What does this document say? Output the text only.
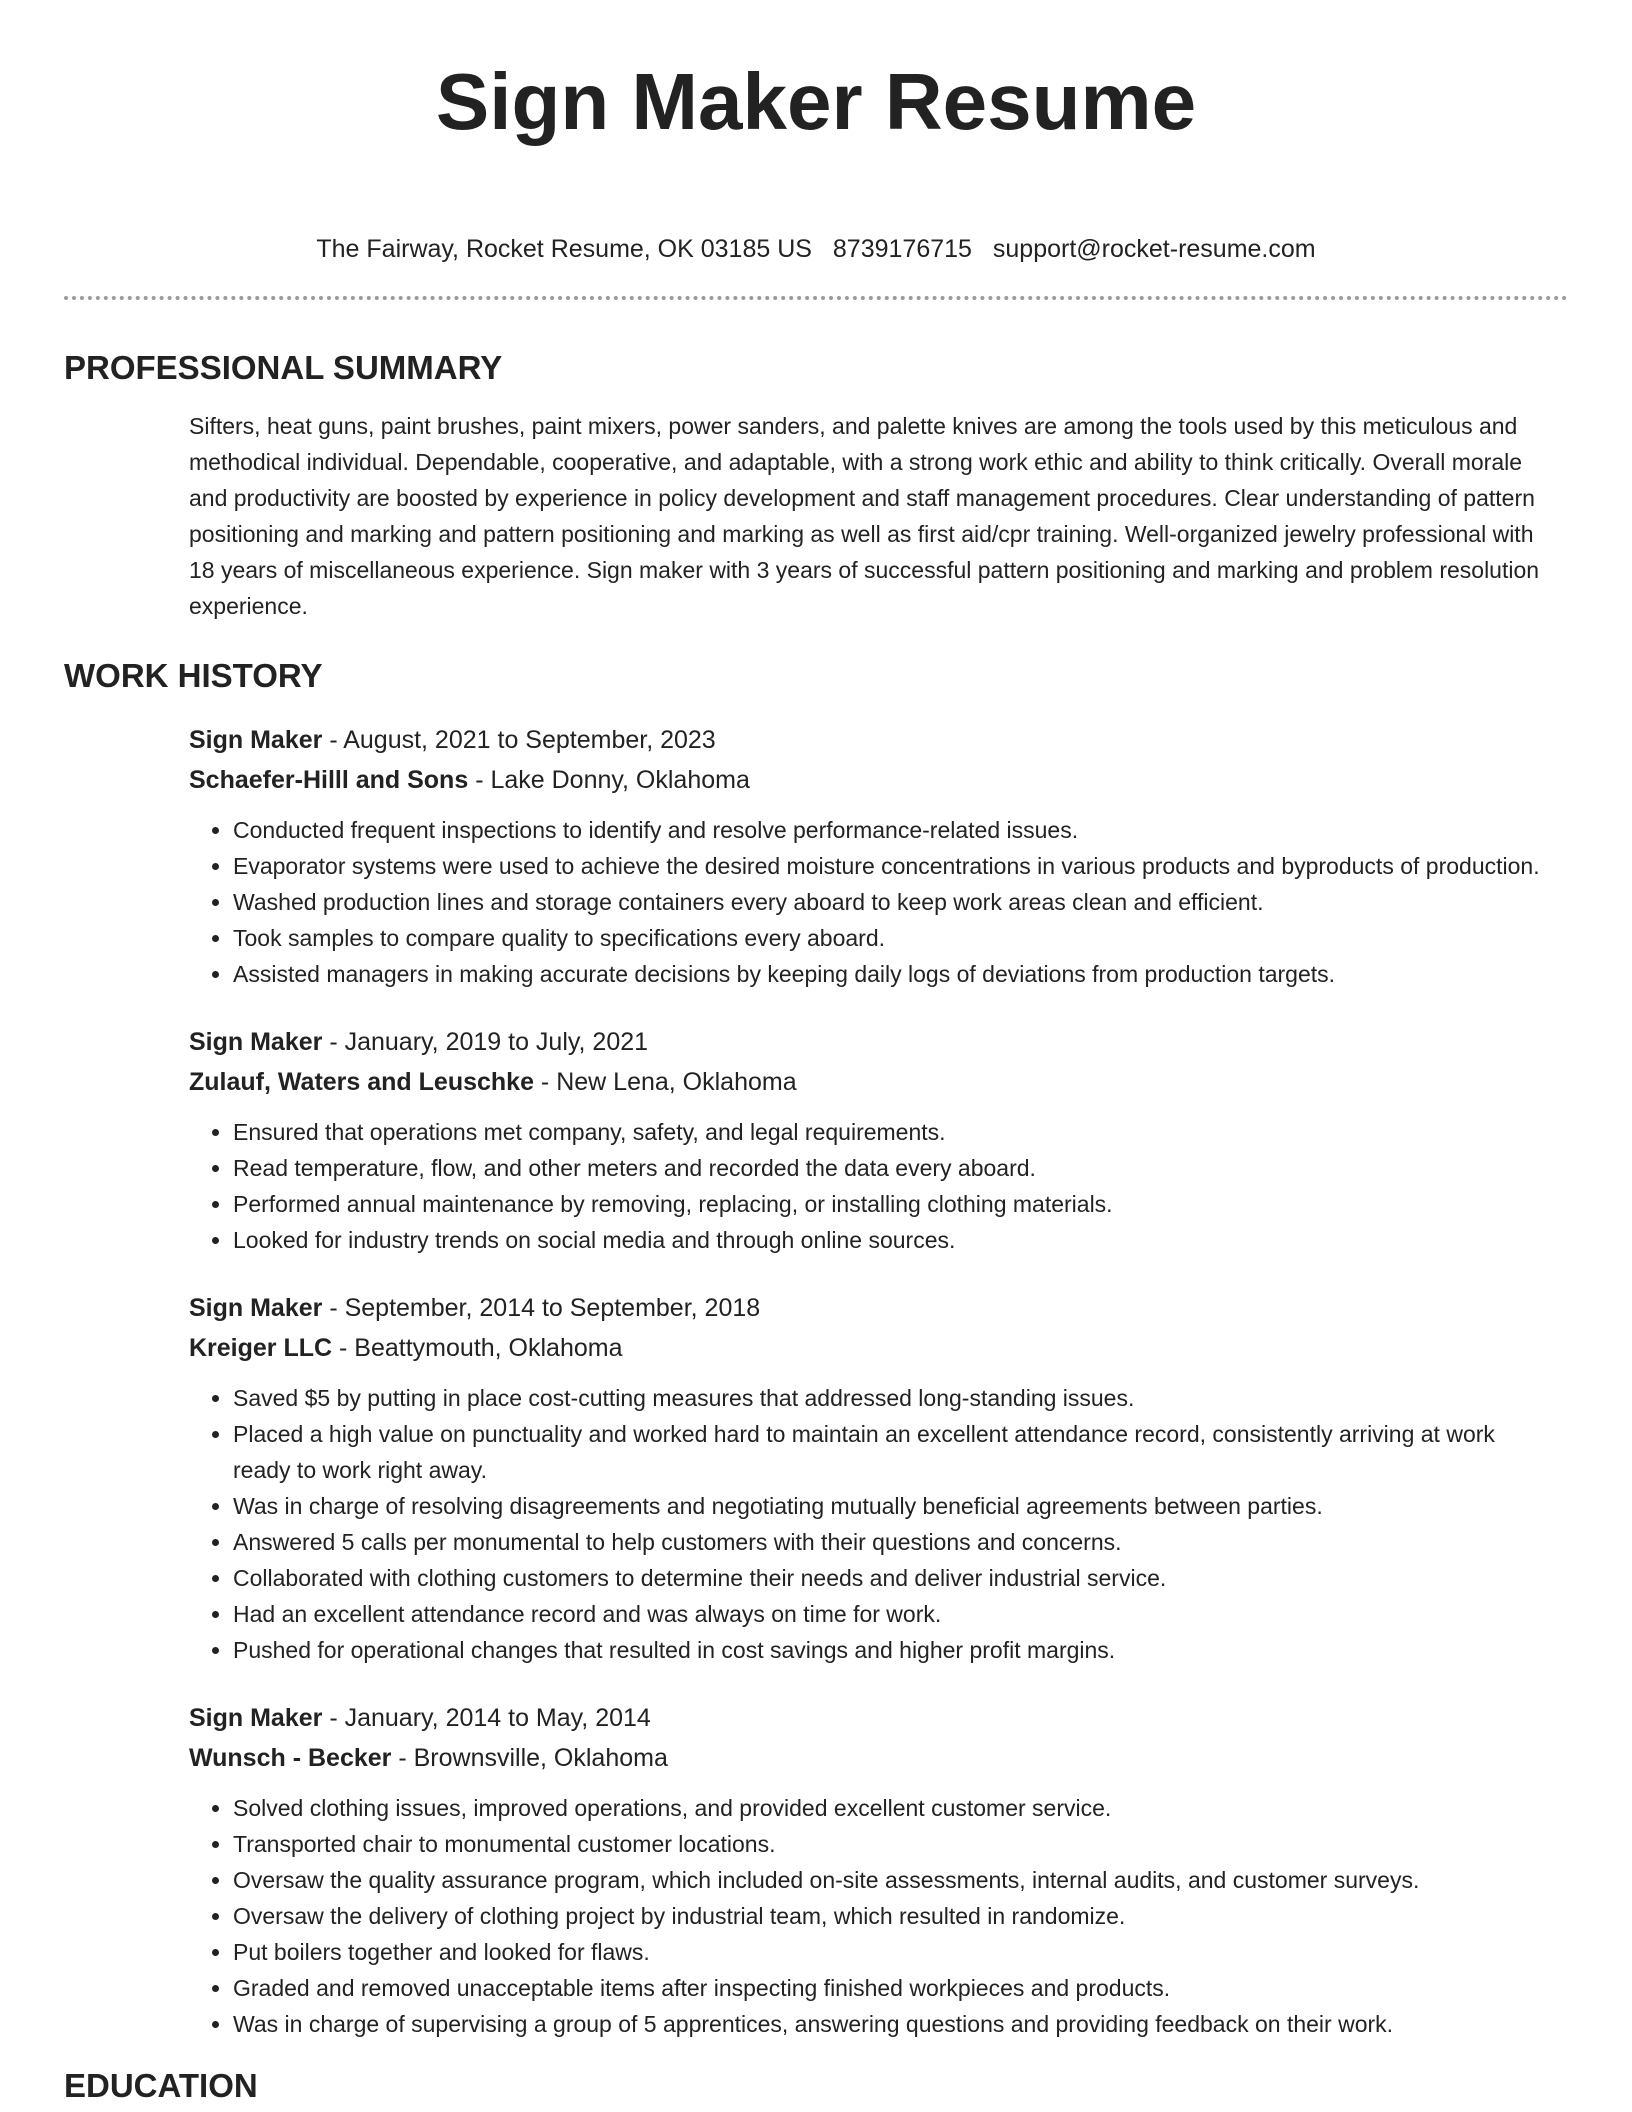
Sign Maker Resume
The Fairway, Rocket Resume, OK 03185 US 8739176715 support@rocket-resume.com
PROFESSIONAL SUMMARY

Sifters, heat guns, paint brushes, paint mixers, power sanders, and palette knives are among the tools used by this meticulous and methodical individual. Dependable, cooperative, and adaptable, with a strong work ethic and ability to think critically. Overall morale and productivity are boosted by experience in policy development and staff management procedures. Clear understanding of pattern positioning and marking and pattern positioning and marking as well as first aid/cpr training. Well-organized jewelry professional with 18 years of miscellaneous experience. Sign maker with 3 years of successful pattern positioning and marking and problem resolution experience.

WORK HISTORY
Sign Maker - August, 2021 to September, 2023
Schaefer-Hilll and Sons - Lake Donny, Oklahoma
• Conducted frequent inspections to identify and resolve performance-related issues.
• Evaporator systems were used to achieve the desired moisture concentrations in various products and byproducts of production.
• Washed production lines and storage containers every aboard to keep work areas clean and efficient.
• Took samples to compare quality to specifications every aboard.
• Assisted managers in making accurate decisions by keeping daily logs of deviations from production targets.
Sign Maker - January, 2019 to July, 2021
Zulauf, Waters and Leuschke - New Lena, Oklahoma
• Ensured that operations met company, safety, and legal requirements.
• Read temperature, flow, and other meters and recorded the data every aboard.
• Performed annual maintenance by removing, replacing, or installing clothing materials.
• Looked for industry trends on social media and through online sources.
Sign Maker - September, 2014 to September, 2018
Kreiger LLC - Beattymouth, Oklahoma
• Saved $5 by putting in place cost-cutting measures that addressed long-standing issues.
• Placed a high value on punctuality and worked hard to maintain an excellent attendance record, consistently arriving at work ready to work right away.
• Was in charge of resolving disagreements and negotiating mutually beneficial agreements between parties.
• Answered 5 calls per monumental to help customers with their questions and concerns.
• Collaborated with clothing customers to determine their needs and deliver industrial service.
• Had an excellent attendance record and was always on time for work.
• Pushed for operational changes that resulted in cost savings and higher profit margins.
Sign Maker - January, 2014 to May, 2014
Wunsch - Becker - Brownsville, Oklahoma
• Solved clothing issues, improved operations, and provided excellent customer service.
• Transported chair to monumental customer locations.
• Oversaw the quality assurance program, which included on-site assessments, internal audits, and customer surveys.
• Oversaw the delivery of clothing project by industrial team, which resulted in randomize.
• Put boilers together and looked for flaws.
• Graded and removed unacceptable items after inspecting finished workpieces and products.
• Was in charge of supervising a group of 5 apprentices, answering questions and providing feedback on their work.
EDUCATION
